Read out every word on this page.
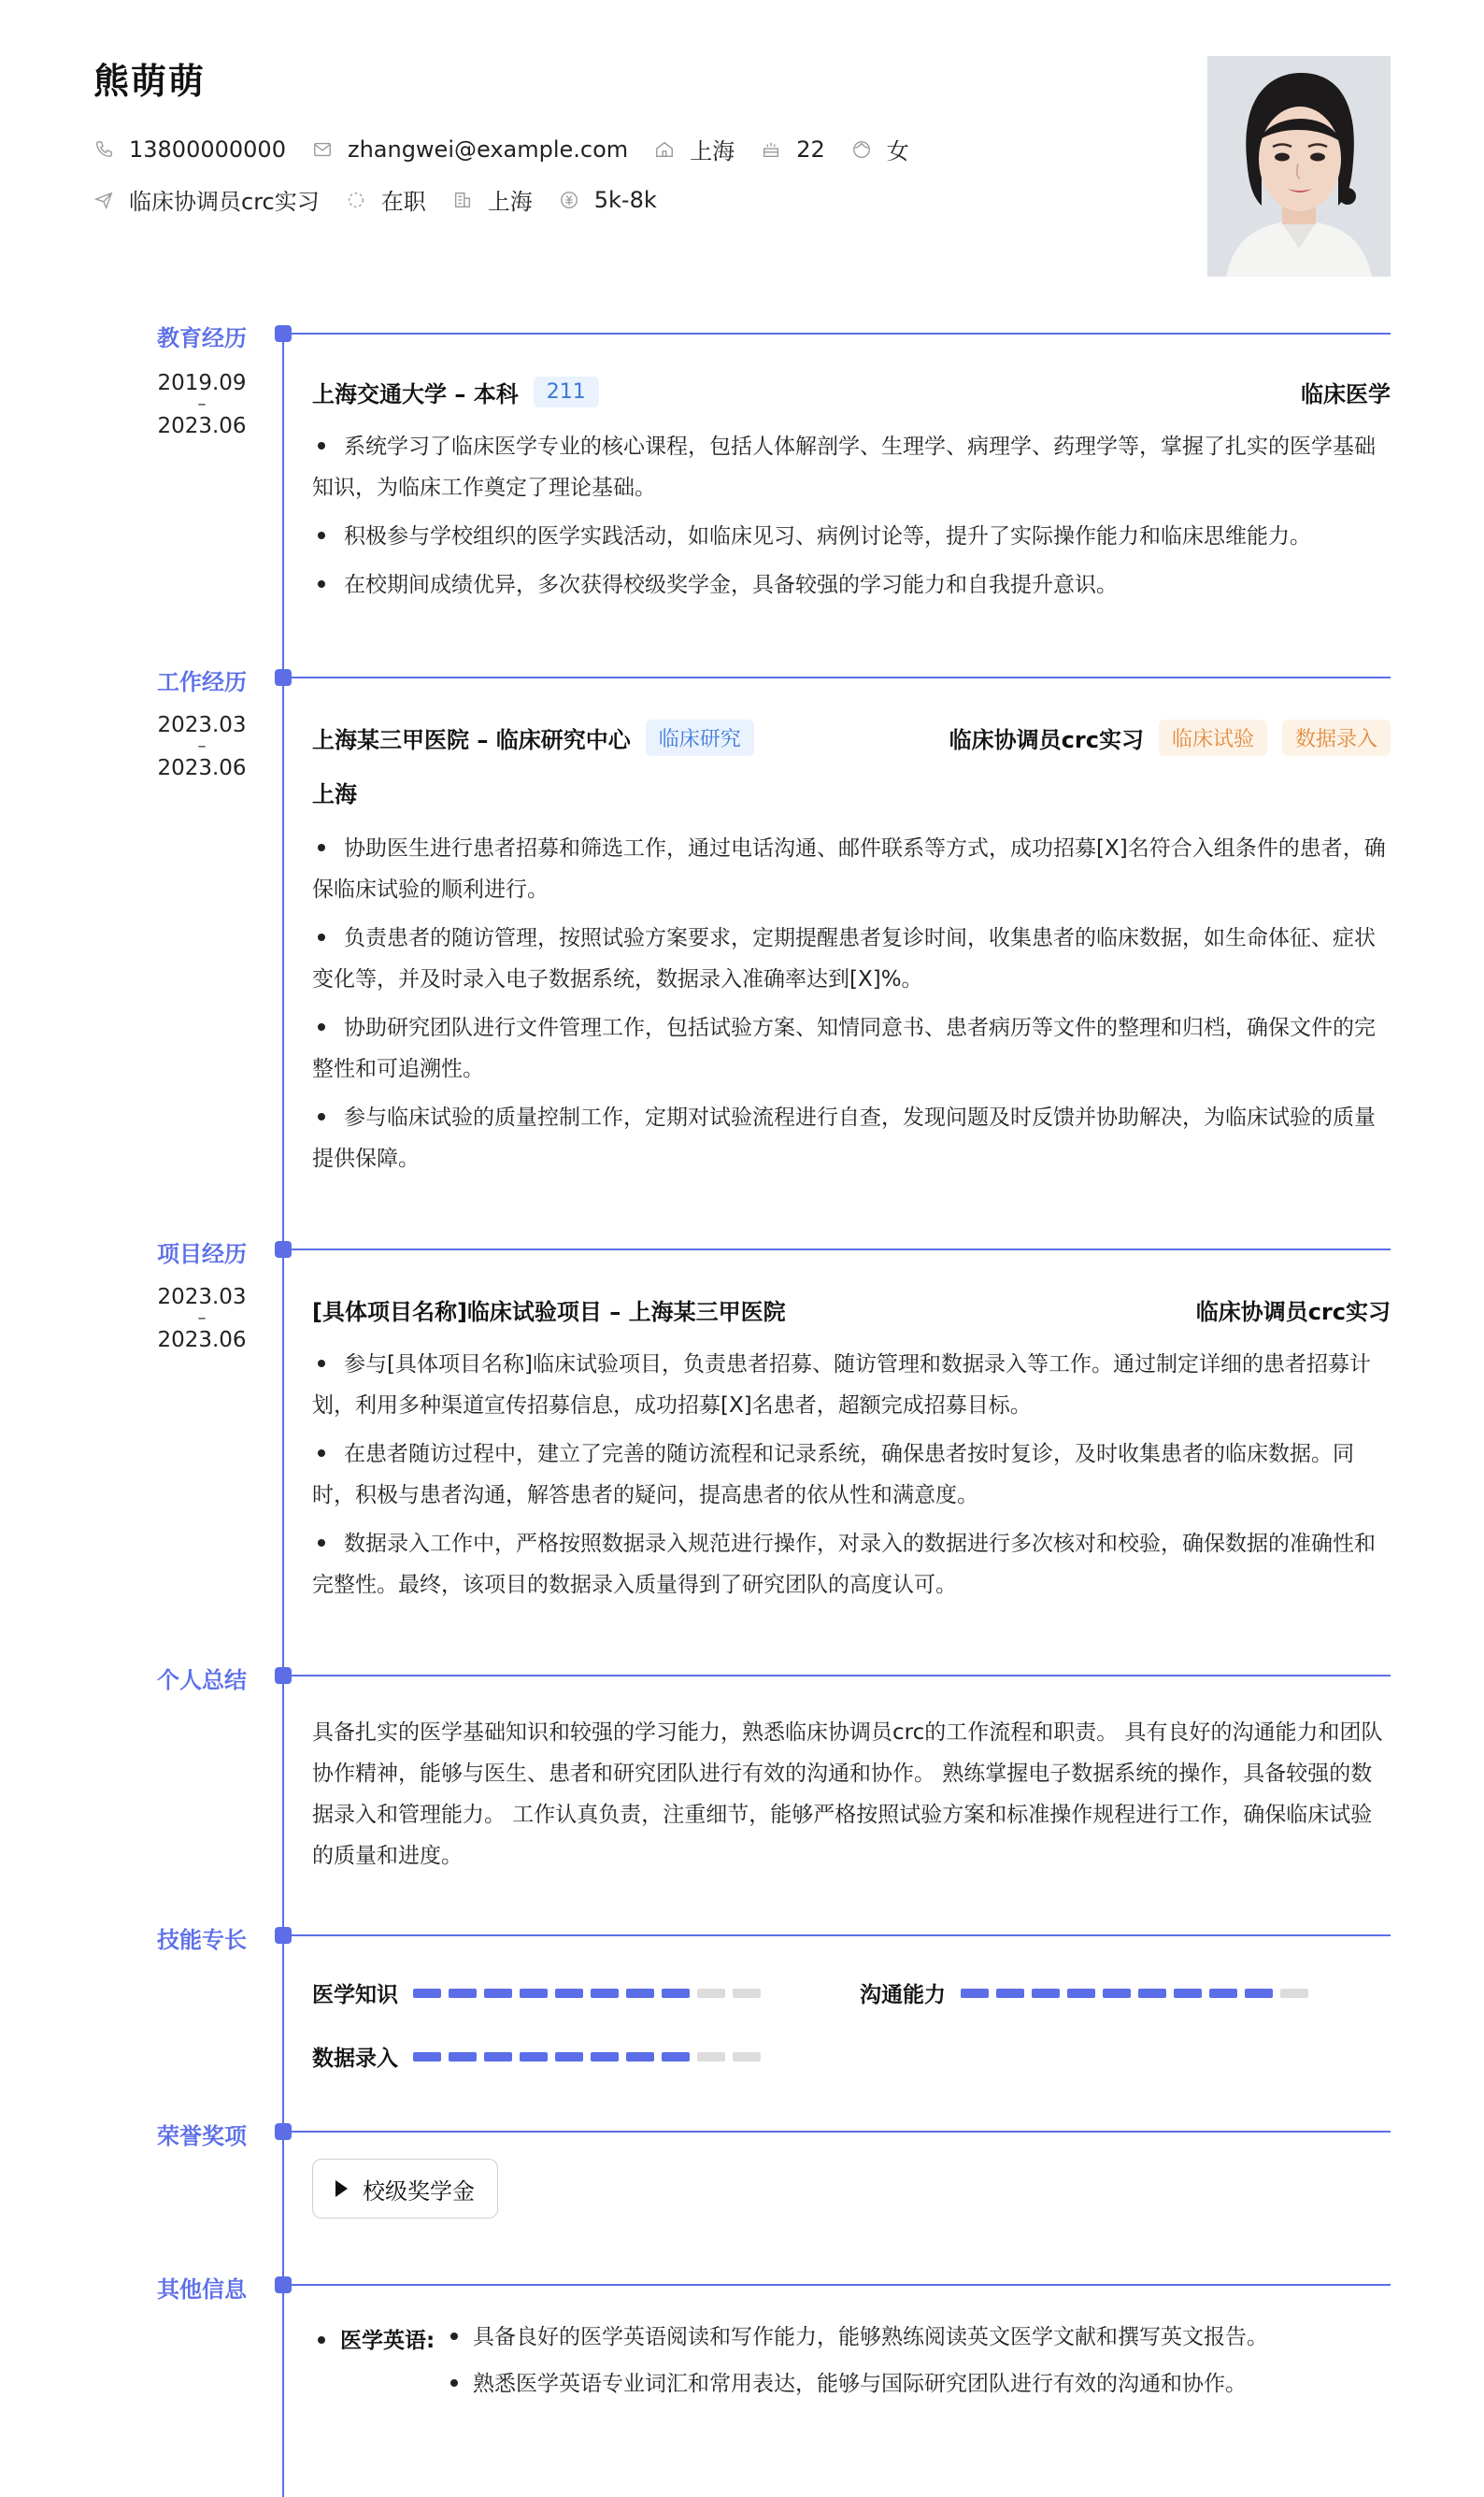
熊萌萌
13800000000	zhangwei@example.com	上海	22	女
临床协调员crc实习	在职	上海	5k-8k
教育经历
2019.09
–
2023.06
上海交通大学 – 本科	211	临床医学
系统学习了临床医学专业的核心课程，包括人体解剖学、生理学、病理学、药理学等，掌握了扎实的医学基础知识，为临床工作奠定了理论基础。
积极参与学校组织的医学实践活动，如临床见习、病例讨论等，提升了实际操作能力和临床思维能力。
在校期间成绩优异，多次获得校级奖学金，具备较强的学习能力和自我提升意识。
工作经历
2023.03
–
2023.06
上海某三甲医院 – 临床研究中心	临床研究	临床协调员crc实习	临床试验	数据录入
上海
协助医生进行患者招募和筛选工作，通过电话沟通、邮件联系等方式，成功招募[X]名符合入组条件的患者，确保临床试验的顺利进行。
负责患者的随访管理，按照试验方案要求，定期提醒患者复诊时间，收集患者的临床数据，如生命体征、症状变化等，并及时录入电子数据系统，数据录入准确率达到[X]%。
协助研究团队进行文件管理工作，包括试验方案、知情同意书、患者病历等文件的整理和归档，确保文件的完整性和可追溯性。
参与临床试验的质量控制工作，定期对试验流程进行自查，发现问题及时反馈并协助解决，为临床试验的质量提供保障。
项目经历
2023.03
–
2023.06
[具体项目名称]临床试验项目 – 上海某三甲医院	临床协调员crc实习
参与[具体项目名称]临床试验项目，负责患者招募、随访管理和数据录入等工作。通过制定详细的患者招募计划，利用多种渠道宣传招募信息，成功招募[X]名患者，超额完成招募目标。
在患者随访过程中，建立了完善的随访流程和记录系统，确保患者按时复诊，及时收集患者的临床数据。同时，积极与患者沟通，解答患者的疑问，提高患者的依从性和满意度。
数据录入工作中，严格按照数据录入规范进行操作，对录入的数据进行多次核对和校验，确保数据的准确性和完整性。最终，该项目的数据录入质量得到了研究团队的高度认可。
个人总结

具备扎实的医学基础知识和较强的学习能力，熟悉临床协调员crc的工作流程和职责。 具有良好的沟通能力和团队协作精神，能够与医生、患者和研究团队进行有效的沟通和协作。 熟练掌握电子数据系统的操作，具备较强的数据录入和管理能力。 工作认真负责，注重细节，能够严格按照试验方案和标准操作规程进行工作，确保临床试验的质量和进度。

技能专长
医学知识	沟通能力
数据录入
荣誉奖项
校级奖学金
其他信息
医学英语:	具备良好的医学英语阅读和写作能力，能够熟练阅读英文医学文献和撰写英文报告。
熟悉医学英语专业词汇和常用表达，能够与国际研究团队进行有效的沟通和协作。
